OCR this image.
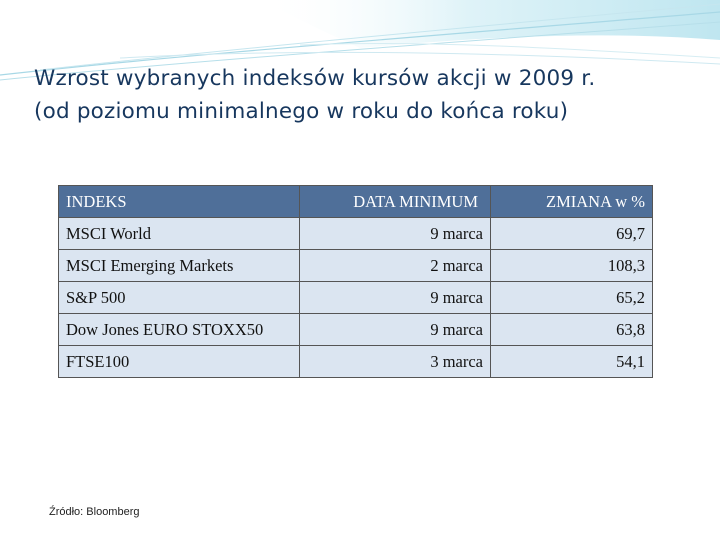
Wzrost wybranych indeksów kursów akcji w 2009 r.
(od poziomu minimalnego w roku do końca roku)
INDEKS	DATA MINIMUM	ZMIANA w %
MSCI World	9 marca	69,7
MSCI Emerging Markets	2 marca	108,3
S&P 500	9 marca	65,2
Dow Jones EURO STOXX50	9 marca	63,8
FTSE100	3 marca	54,1
Źródło: Bloomberg
